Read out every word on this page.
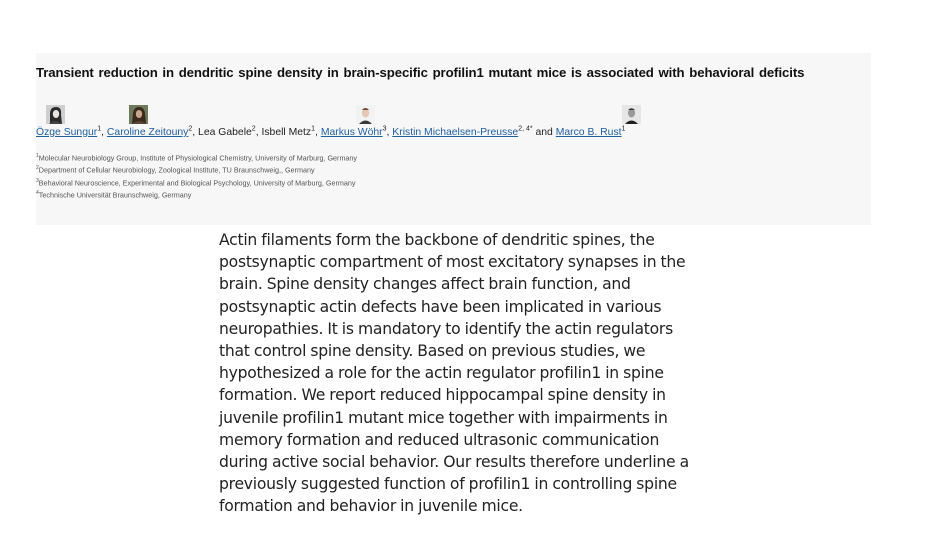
Transient reduction in dendritic spine density in brain-specific profilin1 mutant mice is associated with behavioral deficits
Özge Sungur$^1$, Caroline Zeitouny$^2$, Lea Gabele$^2$, Isbell Metz$^1$, Markus Wöhr$^3$, Kristin Michaelsen-Preusse$^{2, 4*}$ and Marco B. Rust$^1$
$^1$Molecular Neurobiology Group, Institute of Physiological Chemistry, University of Marburg, Germany
$^2$Department of Cellular Neurobiology, Zoological Institute, TU Braunschweig,, Germany
$^3$Behavioral Neuroscience, Experimental and Biological Psychology, University of Marburg, Germany
$^4$Technische Universität Braunschweig, Germany
Actin filaments form the backbone of dendritic spines, the
postsynaptic compartment of most excitatory synapses in the
brain. Spine density changes affect brain function, and
postsynaptic actin defects have been implicated in various
neuropathies. It is mandatory to identify the actin regulators
that control spine density. Based on previous studies, we
hypothesized a role for the actin regulator profilin1 in spine
formation. We report reduced hippocampal spine density in
juvenile profilin1 mutant mice together with impairments in
memory formation and reduced ultrasonic communication
during active social behavior. Our results therefore underline a
previously suggested function of profilin1 in controlling spine
formation and behavior in juvenile mice.
